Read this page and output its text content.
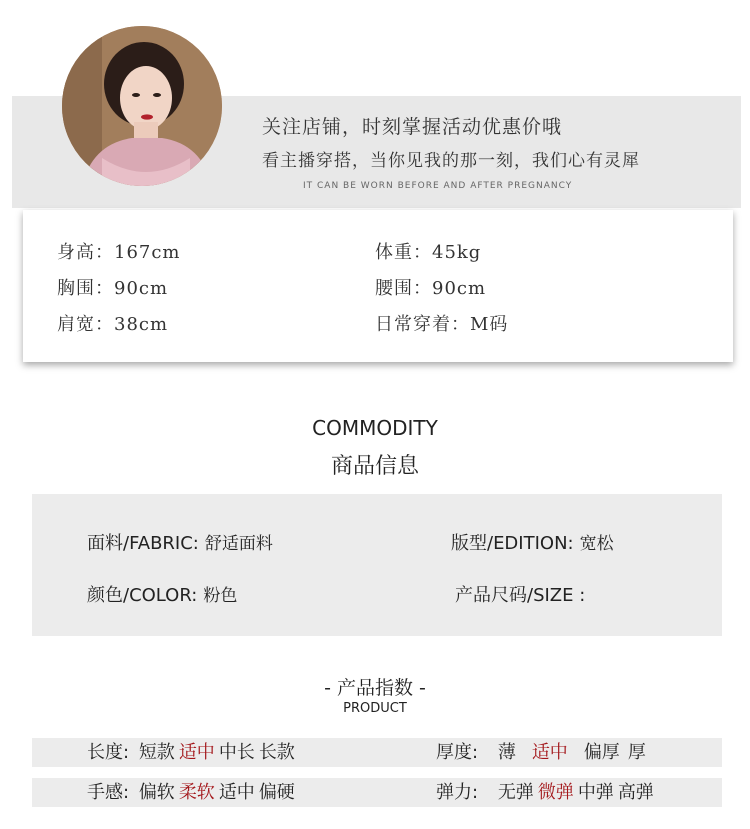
关注店铺，时刻掌握活动优惠价哦
看主播穿搭，当你见我的那一刻，我们心有灵犀
IT CAN BE WORN BEFORE AND AFTER PREGNANCY
身高：167cm	体重：45kg
胸围：90cm	腰围：90cm
肩宽：38cm	日常穿着：M码
COMMODITY
商品信息
面料/FABRIC: 舒适面料	版型/EDITION: 宽松
颜色/COLOR: 粉色	产品尺码/SIZE :
- 产品指数 -
PRODUCT
长度: 短款 适中 中长 长款	厚度: 薄 适中 偏厚 厚
手感: 偏软 柔软 适中 偏硬	弹力: 无弹 微弹 中弹 高弹
